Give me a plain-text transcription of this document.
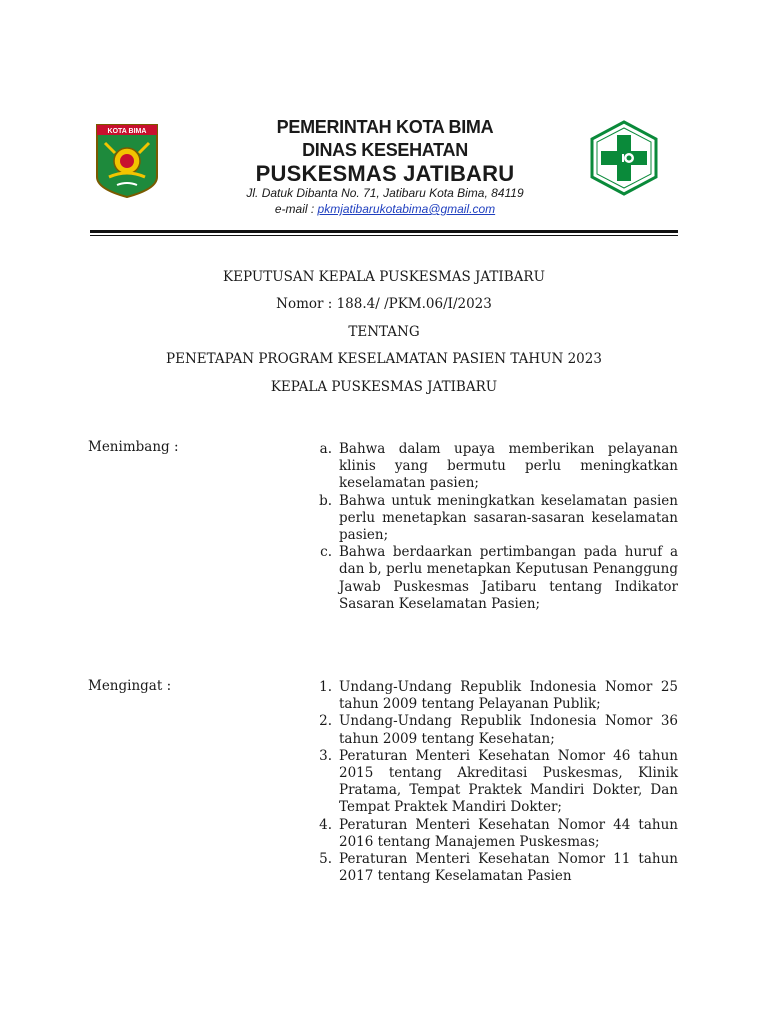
KOTA BIMA	PEMERINTAH KOTA BIMA
DINAS KESEHATAN
PUSKESMAS JATIBARU
Jl. Datuk Dibanta No. 71, Jatibaru Kota Bima, 84119
e-mail : pkmjatibarukotabima@gmail.com
KEPUTUSAN KEPALA PUSKESMAS JATIBARU
Nomor : 188.4/ /PKM.06/I/2023
TENTANG
PENETAPAN PROGRAM KESELAMATAN PASIEN TAHUN 2023
KEPALA PUSKESMAS JATIBARU
Menimbang :	a. Bahwa dalam upaya memberikan pelayanan klinis yang bermutu perlu meningkatkan keselamatan pasien;
b. Bahwa untuk meningkatkan keselamatan pasien perlu menetapkan sasaran-sasaran keselamatan pasien;
c. Bahwa berdaarkan pertimbangan pada huruf a dan b, perlu menetapkan Keputusan Penanggung Jawab Puskesmas Jatibaru tentang Indikator Sasaran Keselamatan Pasien;
Mengingat :	1. Undang-Undang Republik Indonesia Nomor 25 tahun 2009 tentang Pelayanan Publik;
2. Undang-Undang Republik Indonesia Nomor 36 tahun 2009 tentang Kesehatan;
3. Peraturan Menteri Kesehatan Nomor 46 tahun 2015 tentang Akreditasi Puskesmas, Klinik Pratama, Tempat Praktek Mandiri Dokter, Dan Tempat Praktek Mandiri Dokter;
4. Peraturan Menteri Kesehatan Nomor 44 tahun 2016 tentang Manajemen Puskesmas;
5. Peraturan Menteri Kesehatan Nomor 11 tahun 2017 tentang Keselamatan Pasien
